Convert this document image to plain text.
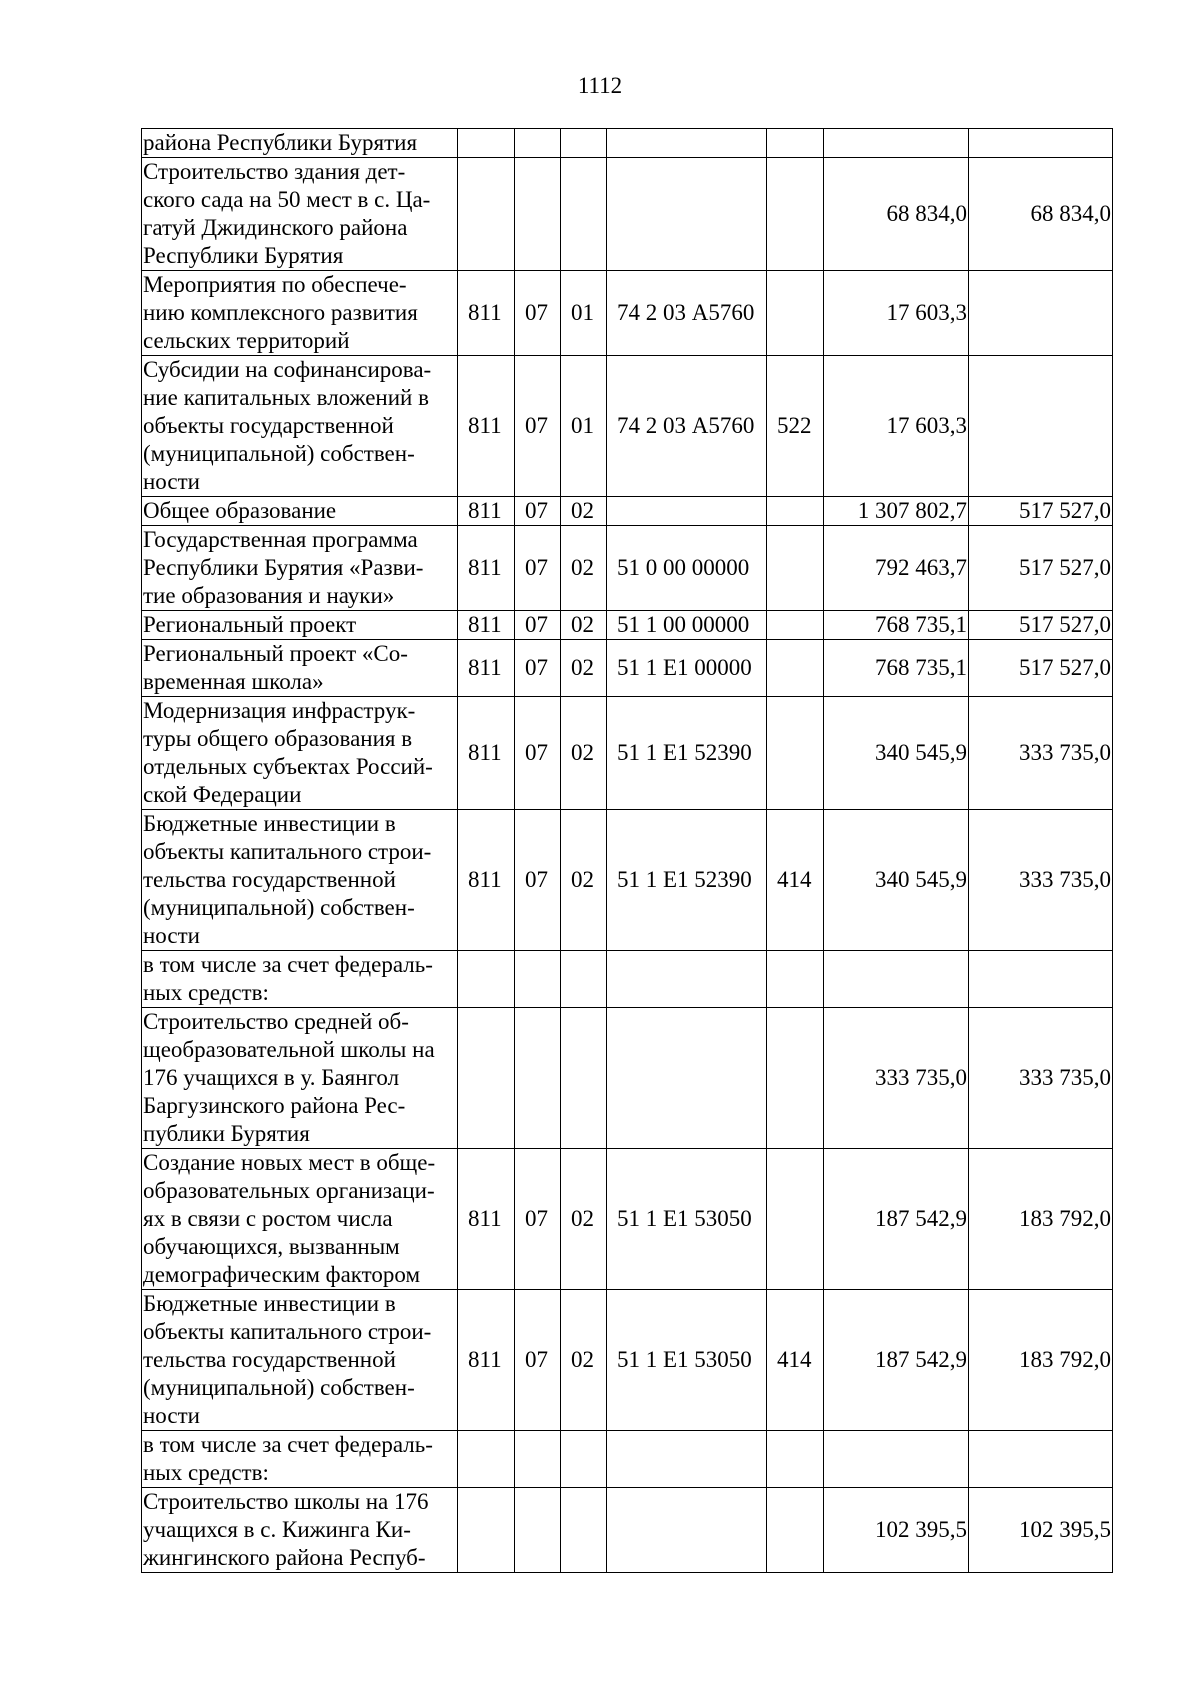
1112
района Республики Бурятия							

Строительство здания дет-
ского сада на 50 мест в с. Ца-
гатуй Джидинского района
Республики Бурятия						68 834,0	68 834,0

Мероприятия по обеспече-
нию комплексного развития
сельских территорий	811	07	01	74 2 03 А5760		17 603,3	

Субсидии на софинансирова-
ние капитальных вложений в
объекты государственной
(муниципальной) собствен-
ности	811	07	01	74 2 03 А5760	522	17 603,3	

Общее образование	811	07	02			1 307 802,7	517 527,0

Государственная программа
Республики Бурятия «Разви-
тие образования и науки»	811	07	02	51 0 00 00000		792 463,7	517 527,0

Региональный проект	811	07	02	51 1 00 00000		768 735,1	517 527,0

Региональный проект «Со-
временная школа»	811	07	02	51 1 E1 00000		768 735,1	517 527,0

Модернизация инфраструк-
туры общего образования в
отдельных субъектах Россий-
ской Федерации	811	07	02	51 1 E1 52390		340 545,9	333 735,0

Бюджетные инвестиции в
объекты капитального строи-
тельства государственной
(муниципальной) собствен-
ности	811	07	02	51 1 E1 52390	414	340 545,9	333 735,0

в том числе за счет федераль-
ных средств:							

Строительство средней об-
щеобразовательной школы на
176 учащихся в у. Баянгол
Баргузинского района Рес-
публики Бурятия						333 735,0	333 735,0

Создание новых мест в обще-
образовательных организаци-
ях в связи с ростом числа
обучающихся, вызванным
демографическим фактором	811	07	02	51 1 E1 53050		187 542,9	183 792,0

Бюджетные инвестиции в
объекты капитального строи-
тельства государственной
(муниципальной) собствен-
ности	811	07	02	51 1 E1 53050	414	187 542,9	183 792,0

в том числе за счет федераль-
ных средств:							

Строительство школы на 176
учащихся в с. Кижинга Ки-
жингинского района Респуб-						102 395,5	102 395,5
